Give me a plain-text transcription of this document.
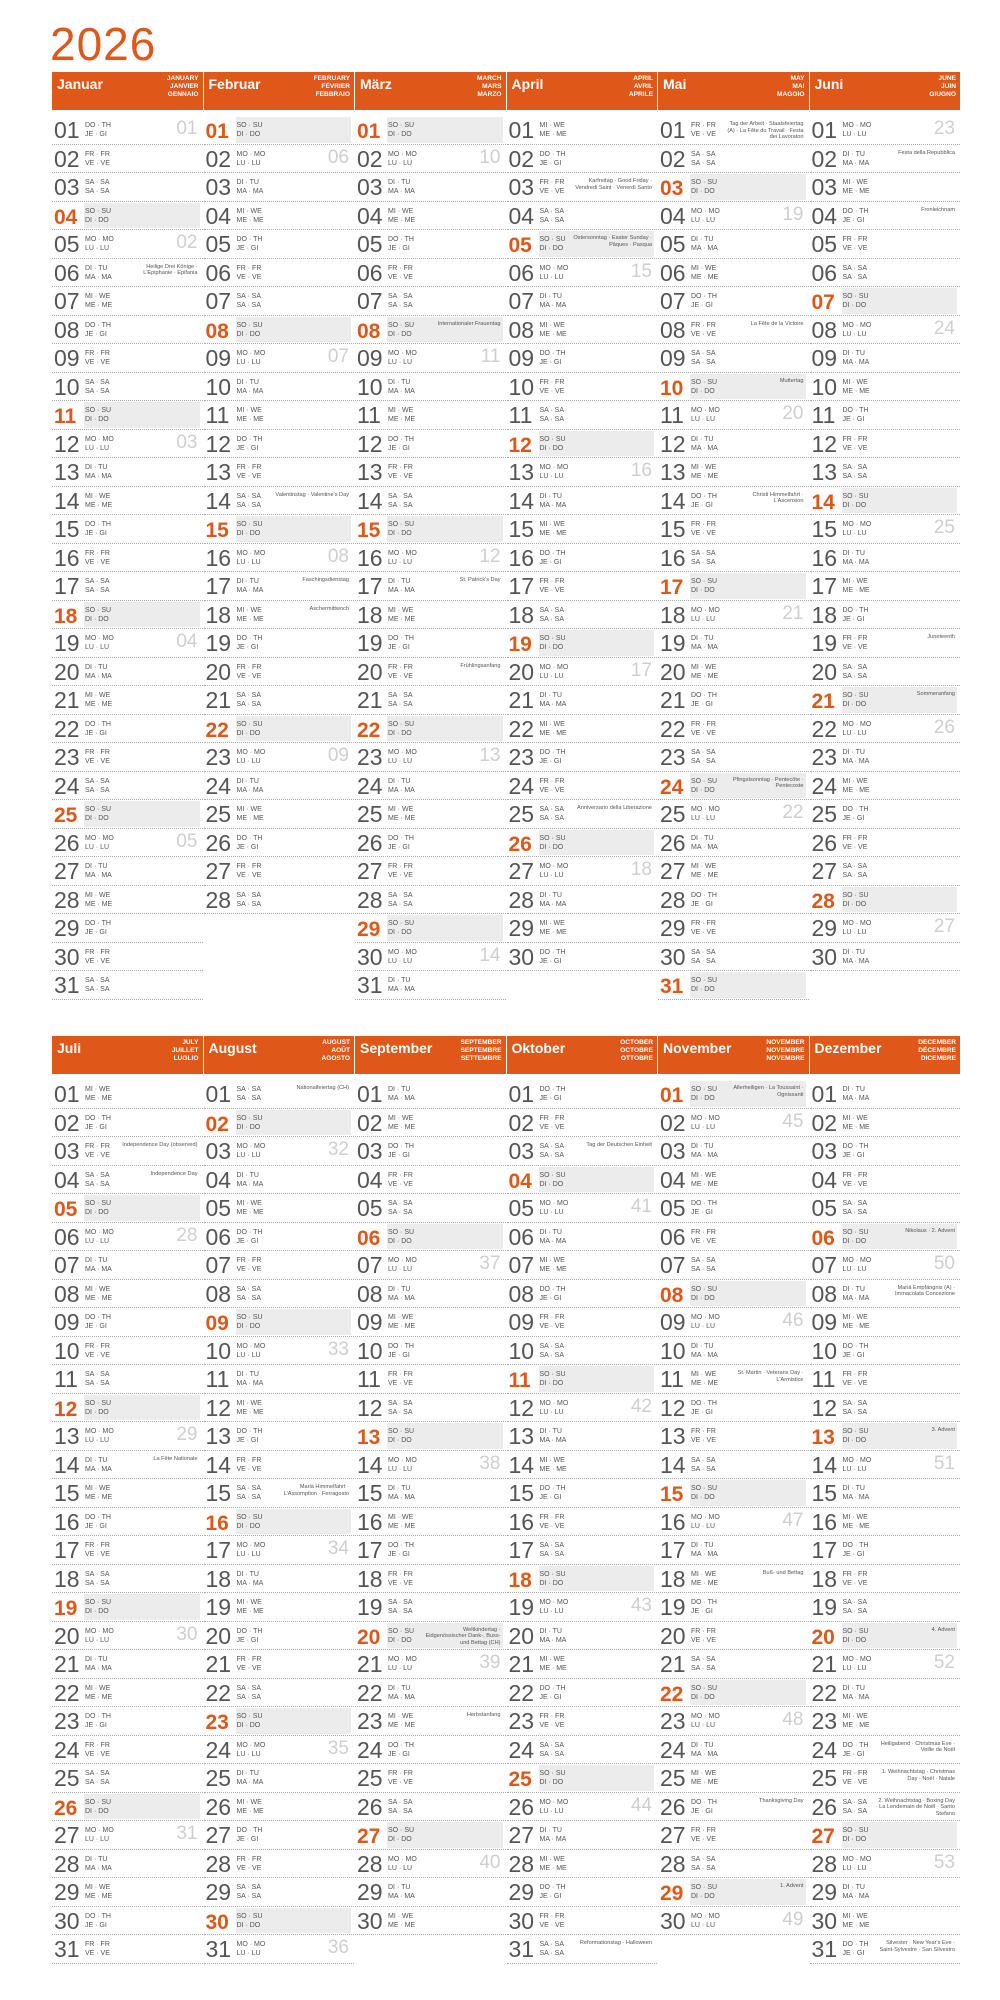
2026
Januar	JANUARY
JANVIER
GENNAIO
01 DO · TH
JE · GI	01
02 FR · FR
VE · VE
03 SA · SA
SA · SA
04 SO · SU
DI · DO
05 MO · MO
LU · LU	02
06 DI · TU
MA · MA
Heilige Drei Könige · L'Epiphanie · Epifania
07 MI · WE
ME · ME
08 DO · TH
JE · GI
09 FR · FR
VE · VE
10 SA · SA
SA · SA
11 SO · SU
DI · DO
12 MO · MO
LU · LU	03
13 DI · TU
MA · MA
14 MI · WE
ME · ME
15 DO · TH
JE · GI
16 FR · FR
VE · VE
17 SA · SA
SA · SA
18 SO · SU
DI · DO
19 MO · MO
LU · LU	04
20 DI · TU
MA · MA
21 MI · WE
ME · ME
22 DO · TH
JE · GI
23 FR · FR
VE · VE
24 SA · SA
SA · SA
25 SO · SU
DI · DO
26 MO · MO
LU · LU	05
27 DI · TU
MA · MA
28 MI · WE
ME · ME
29 DO · TH
JE · GI
30 FR · FR
VE · VE
31 SA · SA
SA · SA
Februar	FEBRUARY
FÉVRIER
FEBBRAIO
01 SO · SU
DI · DO
02 MO · MO
LU · LU	06
03 DI · TU
MA · MA
04 MI · WE
ME · ME
05 DO · TH
JE · GI
06 FR · FR
VE · VE
07 SA · SA
SA · SA
08 SO · SU
DI · DO
09 MO · MO
LU · LU	07
10 DI · TU
MA · MA
11 MI · WE
ME · ME
12 DO · TH
JE · GI
13 FR · FR
VE · VE
14 SA · SA
SA · SA
Valentinstag · Valentine's Day
15 SO · SU
DI · DO
16 MO · MO
LU · LU	08
17 DI · TU
MA · MA
Faschingsdienstag
18 MI · WE
ME · ME
Aschermittwoch
19 DO · TH
JE · GI
20 FR · FR
VE · VE
21 SA · SA
SA · SA
22 SO · SU
DI · DO
23 MO · MO
LU · LU	09
24 DI · TU
MA · MA
25 MI · WE
ME · ME
26 DO · TH
JE · GI
27 FR · FR
VE · VE
28 SA · SA
SA · SA
März	MARCH
MARS
MARZO
01 SO · SU
DI · DO
02 MO · MO
LU · LU	10
03 DI · TU
MA · MA
04 MI · WE
ME · ME
05 DO · TH
JE · GI
06 FR · FR
VE · VE
07 SA · SA
SA · SA
08 SO · SU
DI · DO
Internationaler Frauentag
09 MO · MO
LU · LU	11
10 DI · TU
MA · MA
11 MI · WE
ME · ME
12 DO · TH
JE · GI
13 FR · FR
VE · VE
14 SA · SA
SA · SA
15 SO · SU
DI · DO
16 MO · MO
LU · LU	12
17 DI · TU
MA · MA
St. Patrick's Day
18 MI · WE
ME · ME
19 DO · TH
JE · GI
20 FR · FR
VE · VE
Frühlingsanfang
21 SA · SA
SA · SA
22 SO · SU
DI · DO
23 MO · MO
LU · LU	13
24 DI · TU
MA · MA
25 MI · WE
ME · ME
26 DO · TH
JE · GI
27 FR · FR
VE · VE
28 SA · SA
SA · SA
29 SO · SU
DI · DO
30 MO · MO
LU · LU	14
31 DI · TU
MA · MA
April	APRIL
AVRIL
APRILE
01 MI · WE
ME · ME
02 DO · TH
JE · GI
03 FR · FR
VE · VE
Karfreitag · Good Friday · Vendredi Saint · Venerdì Santo
04 SA · SA
SA · SA
05 SO · SU
DI · DO
Ostersonntag · Easter Sunday · Pâques · Pasqua
06 MO · MO
LU · LU	15
07 DI · TU
MA · MA
08 MI · WE
ME · ME
09 DO · TH
JE · GI
10 FR · FR
VE · VE
11 SA · SA
SA · SA
12 SO · SU
DI · DO
13 MO · MO
LU · LU	16
14 DI · TU
MA · MA
15 MI · WE
ME · ME
16 DO · TH
JE · GI
17 FR · FR
VE · VE
18 SA · SA
SA · SA
19 SO · SU
DI · DO
20 MO · MO
LU · LU	17
21 DI · TU
MA · MA
22 MI · WE
ME · ME
23 DO · TH
JE · GI
24 FR · FR
VE · VE
25 SA · SA
SA · SA
Anniversario della Liberazione
26 SO · SU
DI · DO
27 MO · MO
LU · LU	18
28 DI · TU
MA · MA
29 MI · WE
ME · ME
30 DO · TH
JE · GI
Mai	MAY
MAI
MAGGIO
01 FR · FR
VE · VE
Tag der Arbeit · Staatsfeiertag (A) · La Fête du Travail · Festa dei Lavoratori
02 SA · SA
SA · SA
03 SO · SU
DI · DO
04 MO · MO
LU · LU	19
05 DI · TU
MA · MA
06 MI · WE
ME · ME
07 DO · TH
JE · GI
08 FR · FR
VE · VE
La Fête de la Victoire
09 SA · SA
SA · SA
10 SO · SU
DI · DO
Muttertag
11 MO · MO
LU · LU	20
12 DI · TU
MA · MA
13 MI · WE
ME · ME
14 DO · TH
JE · GI
Christi Himmelfahrt · L'Ascension
15 FR · FR
VE · VE
16 SA · SA
SA · SA
17 SO · SU
DI · DO
18 MO · MO
LU · LU	21
19 DI · TU
MA · MA
20 MI · WE
ME · ME
21 DO · TH
JE · GI
22 FR · FR
VE · VE
23 SA · SA
SA · SA
24 SO · SU
DI · DO
Pfingstsonntag · Pentecôte · Pentecoste
25 MO · MO
LU · LU	22
26 DI · TU
MA · MA
27 MI · WE
ME · ME
28 DO · TH
JE · GI
29 FR · FR
VE · VE
30 SA · SA
SA · SA
31 SO · SU
DI · DO
Juni	JUNE
JUIN
GIUGNO
01 MO · MO
LU · LU	23
02 DI · TU
MA · MA
Festa della Repubblica
03 MI · WE
ME · ME
04 DO · TH
JE · GI
Fronleichnam
05 FR · FR
VE · VE
06 SA · SA
SA · SA
07 SO · SU
DI · DO
08 MO · MO
LU · LU	24
09 DI · TU
MA · MA
10 MI · WE
ME · ME
11 DO · TH
JE · GI
12 FR · FR
VE · VE
13 SA · SA
SA · SA
14 SO · SU
DI · DO
15 MO · MO
LU · LU	25
16 DI · TU
MA · MA
17 MI · WE
ME · ME
18 DO · TH
JE · GI
19 FR · FR
VE · VE
Juneteenth
20 SA · SA
SA · SA
21 SO · SU
DI · DO
Sommeranfang
22 MO · MO
LU · LU	26
23 DI · TU
MA · MA
24 MI · WE
ME · ME
25 DO · TH
JE · GI
26 FR · FR
VE · VE
27 SA · SA
SA · SA
28 SO · SU
DI · DO
29 MO · MO
LU · LU	27
30 DI · TU
MA · MA
Juli	JULY
JUILLET
LUGLIO
01 MI · WE
ME · ME
02 DO · TH
JE · GI
03 FR · FR
VE · VE
Independence Day (observed)
04 SA · SA
SA · SA
Independence Day
05 SO · SU
DI · DO
06 MO · MO
LU · LU	28
07 DI · TU
MA · MA
08 MI · WE
ME · ME
09 DO · TH
JE · GI
10 FR · FR
VE · VE
11 SA · SA
SA · SA
12 SO · SU
DI · DO
13 MO · MO
LU · LU	29
14 DI · TU
MA · MA
La Fête Nationale
15 MI · WE
ME · ME
16 DO · TH
JE · GI
17 FR · FR
VE · VE
18 SA · SA
SA · SA
19 SO · SU
DI · DO
20 MO · MO
LU · LU	30
21 DI · TU
MA · MA
22 MI · WE
ME · ME
23 DO · TH
JE · GI
24 FR · FR
VE · VE
25 SA · SA
SA · SA
26 SO · SU
DI · DO
27 MO · MO
LU · LU	31
28 DI · TU
MA · MA
29 MI · WE
ME · ME
30 DO · TH
JE · GI
31 FR · FR
VE · VE
August	AUGUST
AOÛT
AGOSTO
01 SA · SA
SA · SA
Nationalfeiertag (CH)
02 SO · SU
DI · DO
03 MO · MO
LU · LU	32
04 DI · TU
MA · MA
05 MI · WE
ME · ME
06 DO · TH
JE · GI
07 FR · FR
VE · VE
08 SA · SA
SA · SA
09 SO · SU
DI · DO
10 MO · MO
LU · LU	33
11 DI · TU
MA · MA
12 MI · WE
ME · ME
13 DO · TH
JE · GI
14 FR · FR
VE · VE
15 SA · SA
SA · SA
Mariä Himmelfahrt · L'Assomption · Ferragosto
16 SO · SU
DI · DO
17 MO · MO
LU · LU	34
18 DI · TU
MA · MA
19 MI · WE
ME · ME
20 DO · TH
JE · GI
21 FR · FR
VE · VE
22 SA · SA
SA · SA
23 SO · SU
DI · DO
24 MO · MO
LU · LU	35
25 DI · TU
MA · MA
26 MI · WE
ME · ME
27 DO · TH
JE · GI
28 FR · FR
VE · VE
29 SA · SA
SA · SA
30 SO · SU
DI · DO
31 MO · MO
LU · LU	36
September	SEPTEMBER
SEPTEMBRE
SETTEMBRE
01 DI · TU
MA · MA
02 MI · WE
ME · ME
03 DO · TH
JE · GI
04 FR · FR
VE · VE
05 SA · SA
SA · SA
06 SO · SU
DI · DO
07 MO · MO
LU · LU	37
08 DI · TU
MA · MA
09 MI · WE
ME · ME
10 DO · TH
JE · GI
11 FR · FR
VE · VE
12 SA · SA
SA · SA
13 SO · SU
DI · DO
14 MO · MO
LU · LU	38
15 DI · TU
MA · MA
16 MI · WE
ME · ME
17 DO · TH
JE · GI
18 FR · FR
VE · VE
19 SA · SA
SA · SA
20 SO · SU
DI · DO
Weltkindertag · Eidgenössischer Dank-, Buss- und Bettag (CH)
21 MO · MO
LU · LU	39
22 DI · TU
MA · MA
23 MI · WE
ME · ME
Herbstanfang
24 DO · TH
JE · GI
25 FR · FR
VE · VE
26 SA · SA
SA · SA
27 SO · SU
DI · DO
28 MO · MO
LU · LU	40
29 DI · TU
MA · MA
30 MI · WE
ME · ME
Oktober	OCTOBER
OCTOBRE
OTTOBRE
01 DO · TH
JE · GI
02 FR · FR
VE · VE
03 SA · SA
SA · SA
Tag der Deutschen Einheit
04 SO · SU
DI · DO
05 MO · MO
LU · LU	41
06 DI · TU
MA · MA
07 MI · WE
ME · ME
08 DO · TH
JE · GI
09 FR · FR
VE · VE
10 SA · SA
SA · SA
11 SO · SU
DI · DO
12 MO · MO
LU · LU	42
13 DI · TU
MA · MA
14 MI · WE
ME · ME
15 DO · TH
JE · GI
16 FR · FR
VE · VE
17 SA · SA
SA · SA
18 SO · SU
DI · DO
19 MO · MO
LU · LU	43
20 DI · TU
MA · MA
21 MI · WE
ME · ME
22 DO · TH
JE · GI
23 FR · FR
VE · VE
24 SA · SA
SA · SA
25 SO · SU
DI · DO
26 MO · MO
LU · LU	44
27 DI · TU
MA · MA
28 MI · WE
ME · ME
29 DO · TH
JE · GI
30 FR · FR
VE · VE
31 SA · SA
SA · SA
Reformationstag · Halloween
November	NOVEMBER
NOVEMBRE
NOVEMBRE
01 SO · SU
DI · DO
Allerheiligen · La Toussaint · Ognissanti
02 MO · MO
LU · LU	45
03 DI · TU
MA · MA
04 MI · WE
ME · ME
05 DO · TH
JE · GI
06 FR · FR
VE · VE
07 SA · SA
SA · SA
08 SO · SU
DI · DO
09 MO · MO
LU · LU	46
10 DI · TU
MA · MA
11 MI · WE
ME · ME
St. Martin · Veterans Day · L'Armistice
12 DO · TH
JE · GI
13 FR · FR
VE · VE
14 SA · SA
SA · SA
15 SO · SU
DI · DO
16 MO · MO
LU · LU	47
17 DI · TU
MA · MA
18 MI · WE
ME · ME
Buß- und Bettag
19 DO · TH
JE · GI
20 FR · FR
VE · VE
21 SA · SA
SA · SA
22 SO · SU
DI · DO
23 MO · MO
LU · LU	48
24 DI · TU
MA · MA
25 MI · WE
ME · ME
26 DO · TH
JE · GI
Thanksgiving Day
27 FR · FR
VE · VE
28 SA · SA
SA · SA
29 SO · SU
DI · DO
1. Advent
30 MO · MO
LU · LU	49
Dezember	DECEMBER
DÉCEMBRE
DICEMBRE
01 DI · TU
MA · MA
02 MI · WE
ME · ME
03 DO · TH
JE · GI
04 FR · FR
VE · VE
05 SA · SA
SA · SA
06 SO · SU
DI · DO
Nikolaus · 2. Advent
07 MO · MO
LU · LU	50
08 DI · TU
MA · MA
Mariä Empfängnis (A) · Immacolata Concezione
09 MI · WE
ME · ME
10 DO · TH
JE · GI
11 FR · FR
VE · VE
12 SA · SA
SA · SA
13 SO · SU
DI · DO
3. Advent
14 MO · MO
LU · LU	51
15 DI · TU
MA · MA
16 MI · WE
ME · ME
17 DO · TH
JE · GI
18 FR · FR
VE · VE
19 SA · SA
SA · SA
20 SO · SU
DI · DO
4. Advent
21 MO · MO
LU · LU	52
22 DI · TU
MA · MA
23 MI · WE
ME · ME
24 DO · TH
JE · GI
Heiligabend · Christmas Eve · Veille de Noël
25 FR · FR
VE · VE
1. Weihnachtstag · Christmas Day · Noël · Natale
26 SA · SA
SA · SA
2. Weihnachtstag · Boxing Day · La Lendemain de Noël · Santo Stefano
27 SO · SU
DI · DO
28 MO · MO
LU · LU	53
29 DI · TU
MA · MA
30 MI · WE
ME · ME
31 DO · TH
JE · GI
Silvester · New Year's Eve · Saint-Sylvestre · San Silvestro
